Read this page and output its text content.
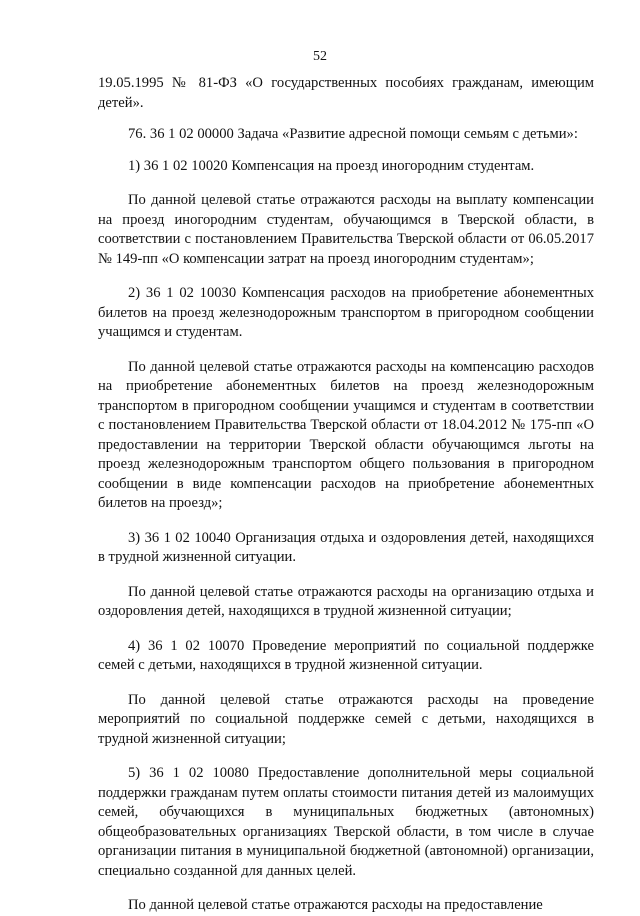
52

19.05.1995 № 81-ФЗ «О государственных пособиях гражданам, имеющим детей».

76. 36 1 02 00000 Задача «Развитие адресной помощи семьям с детьми»:

1) 36 1 02 10020 Компенсация на проезд иногородним студентам.

По данной целевой статье отражаются расходы на выплату компенсации на проезд иногородним студентам, обучающимся в Тверской области, в соответствии с постановлением Правительства Тверской области от 06.05.2017 № 149-пп «О компенсации затрат на проезд иногородним студентам»;

2) 36 1 02 10030 Компенсация расходов на приобретение абонементных билетов на проезд железнодорожным транспортом в пригородном сообщении учащимся и студентам.

По данной целевой статье отражаются расходы на компенсацию расходов на приобретение абонементных билетов на проезд железнодорожным транспортом в пригородном сообщении учащимся и студентам в соответствии с постановлением Правительства Тверской области от 18.04.2012 № 175-пп «О предоставлении на территории Тверской области обучающимся льготы на проезд железнодорожным транспортом общего пользования в пригородном сообщении в виде компенсации расходов на приобретение абонементных билетов на проезд»;

3) 36 1 02 10040 Организация отдыха и оздоровления детей, находящихся в трудной жизненной ситуации.

По данной целевой статье отражаются расходы на организацию отдыха и оздоровления детей, находящихся в трудной жизненной ситуации;

4) 36 1 02 10070 Проведение мероприятий по социальной поддержке семей с детьми, находящихся в трудной жизненной ситуации.

По данной целевой статье отражаются расходы на проведение мероприятий по социальной поддержке семей с детьми, находящихся в трудной жизненной ситуации;

5) 36 1 02 10080 Предоставление дополнительной меры социальной поддержки гражданам путем оплаты стоимости питания детей из малоимущих семей, обучающихся в муниципальных бюджетных (автономных) общеобразовательных организациях Тверской области, в том числе в случае организации питания в муниципальной бюджетной (автономной) организации, специально созданной для данных целей.

По данной целевой статье отражаются расходы на предоставление
